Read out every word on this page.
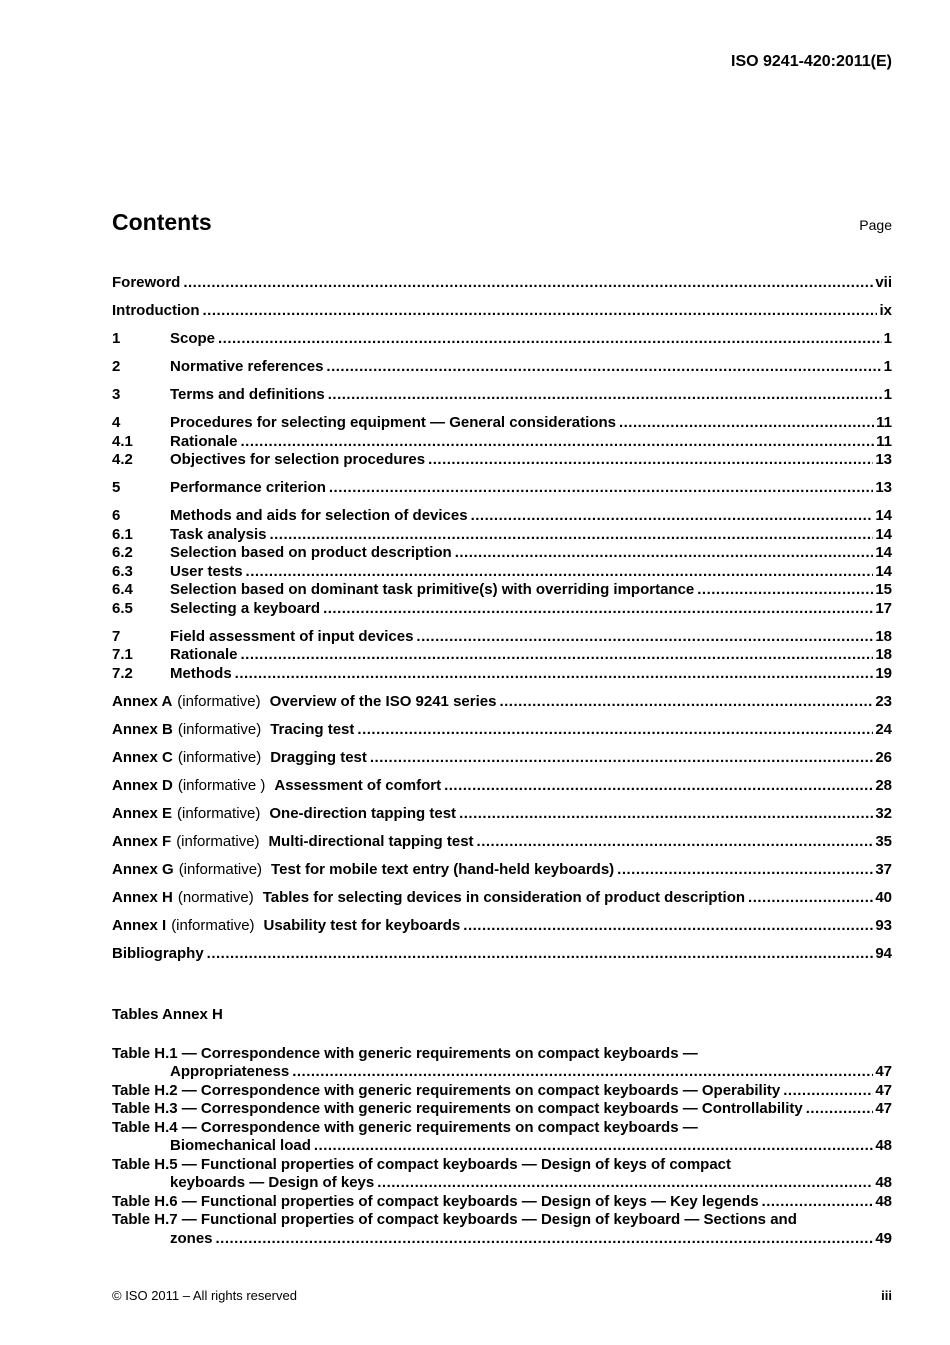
ISO 9241-420:2011(E)
Contents	Page
Foreword .....	vii
Introduction .....	ix
1	Scope .....	1
2	Normative references .....	1
3	Terms and definitions .....	1
4	Procedures for selecting equipment — General considerations .....	11
4.1	Rationale .....	11
4.2	Objectives for selection procedures .....	13
5	Performance criterion .....	13
6	Methods and aids for selection of devices .....	14
6.1	Task analysis .....	14
6.2	Selection based on product description .....	14
6.3	User tests .....	14
6.4	Selection based on dominant task primitive(s) with overriding importance .....	15
6.5	Selecting a keyboard .....	17
7	Field assessment of input devices .....	18
7.1	Rationale .....	18
7.2	Methods .....	19
Annex A (informative) Overview of the ISO 9241 series .....	23
Annex B (informative) Tracing test .....	24
Annex C (informative) Dragging test .....	26
Annex D (informative ) Assessment of comfort .....	28
Annex E (informative) One-direction tapping test .....	32
Annex F (informative) Multi-directional tapping test .....	35
Annex G (informative) Test for mobile text entry (hand-held keyboards) .....	37
Annex H (normative) Tables for selecting devices in consideration of product description .....	40
Annex I (informative) Usability test for keyboards .....	93
Bibliography .....	94
Tables Annex H
Table H.1 — Correspondence with generic requirements on compact keyboards —
Appropriateness .....	47
Table H.2 — Correspondence with generic requirements on compact keyboards — Operability .....	47
Table H.3 — Correspondence with generic requirements on compact keyboards — Controllability .....	47
Table H.4 — Correspondence with generic requirements on compact keyboards —
Biomechanical load .....	48
Table H.5 — Functional properties of compact keyboards — Design of keys of compact
keyboards — Design of keys .....	48
Table H.6 — Functional properties of compact keyboards — Design of keys — Key legends .....	48
Table H.7 — Functional properties of compact keyboards — Design of keyboard — Sections and
zones .....	49
© ISO 2011 – All rights reserved	iii
